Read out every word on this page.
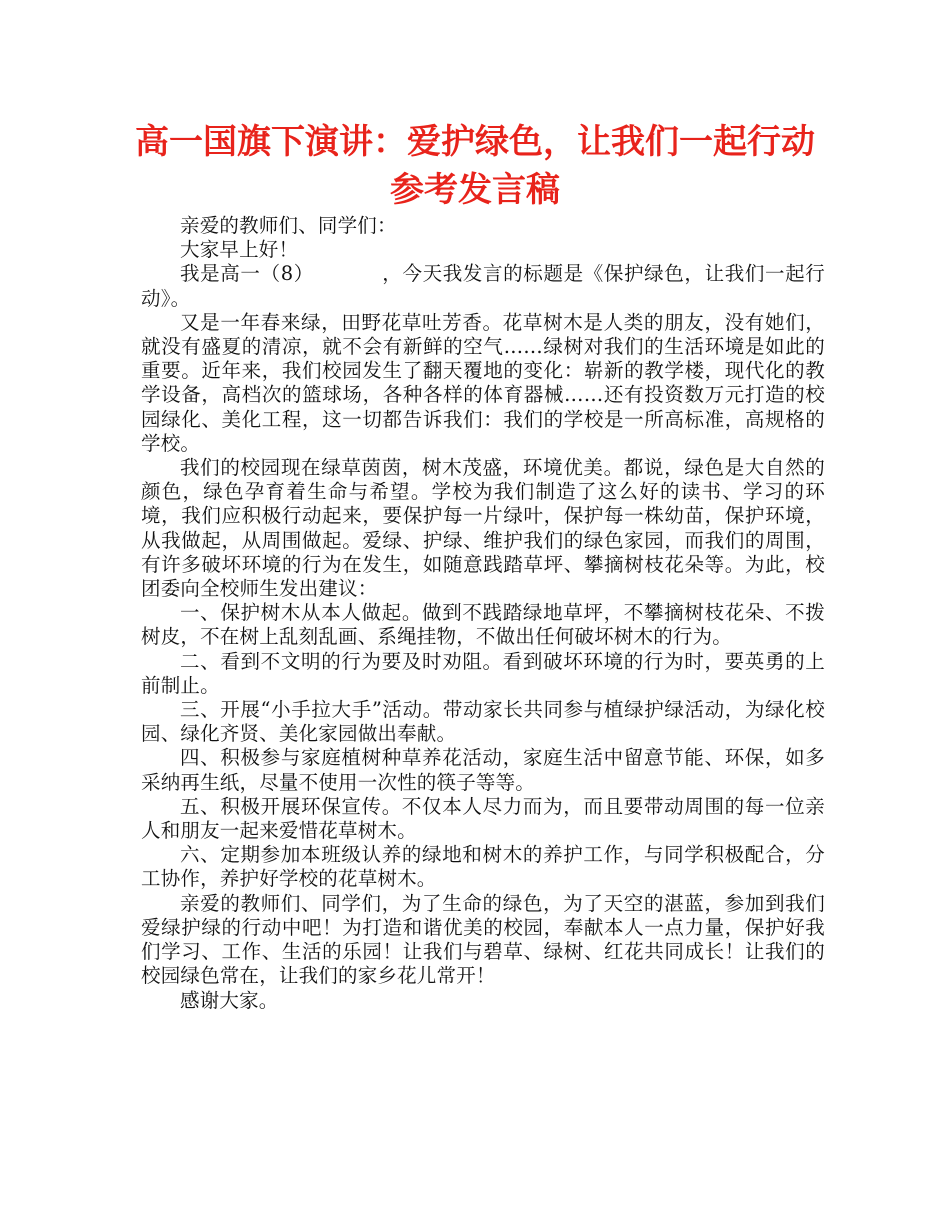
高一国旗下演讲：爱护绿色，让我们一起行动参考发言稿

亲爱的教师们、同学们：

大家早上好！

我是高一（8）          ，今天我发言的标题是《保护绿色，让我们一起行动》。

又是一年春来绿，田野花草吐芳香。花草树木是人类的朋友，没有她们，就没有盛夏的清凉，就不会有新鲜的空气……绿树对我们的生活环境是如此的重要。近年来，我们校园发生了翻天覆地的变化：崭新的教学楼，现代化的教学设备，高档次的篮球场，各种各样的体育器械……还有投资数万元打造的校园绿化、美化工程，这一切都告诉我们：我们的学校是一所高标准，高规格的学校。

我们的校园现在绿草茵茵，树木茂盛，环境优美。都说，绿色是大自然的颜色，绿色孕育着生命与希望。学校为我们制造了这么好的读书、学习的环境，我们应积极行动起来，要保护每一片绿叶，保护每一株幼苗，保护环境，从我做起，从周围做起。爱绿、护绿、维护我们的绿色家园，而我们的周围，有许多破坏环境的行为在发生，如随意践踏草坪、攀摘树枝花朵等。为此，校团委向全校师生发出建议：

一、保护树木从本人做起。做到不践踏绿地草坪，不攀摘树枝花朵、不拨树皮，不在树上乱刻乱画、系绳挂物，不做出任何破坏树木的行为。

二、看到不文明的行为要及时劝阻。看到破坏环境的行为时，要英勇的上前制止。

三、开展“小手拉大手”活动。带动家长共同参与植绿护绿活动，为绿化校园、绿化齐贤、美化家园做出奉献。

四、积极参与家庭植树种草养花活动，家庭生活中留意节能、环保，如多采纳再生纸，尽量不使用一次性的筷子等等。

五、积极开展环保宣传。不仅本人尽力而为，而且要带动周围的每一位亲人和朋友一起来爱惜花草树木。

六、定期参加本班级认养的绿地和树木的养护工作，与同学积极配合，分工协作，养护好学校的花草树木。

亲爱的教师们、同学们，为了生命的绿色，为了天空的湛蓝，参加到我们爱绿护绿的行动中吧！为打造和谐优美的校园，奉献本人一点力量，保护好我们学习、工作、生活的乐园！让我们与碧草、绿树、红花共同成长！让我们的校园绿色常在，让我们的家乡花儿常开！

感谢大家。
